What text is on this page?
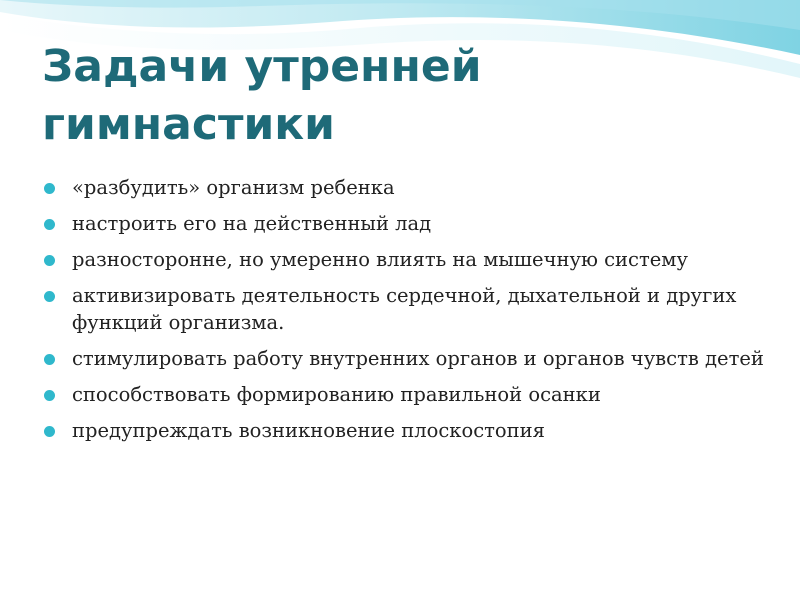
Задачи утренней
гимнастики
«разбудить» организм ребенка
настроить его на действенный лад
разносторонне, но умеренно влиять на мышечную систему
активизировать деятельность сердечной, дыхательной и других функций организма.
стимулировать работу внутренних органов и органов чувств детей
способствовать формированию правильной осанки
предупреждать возникновение плоскостопия
